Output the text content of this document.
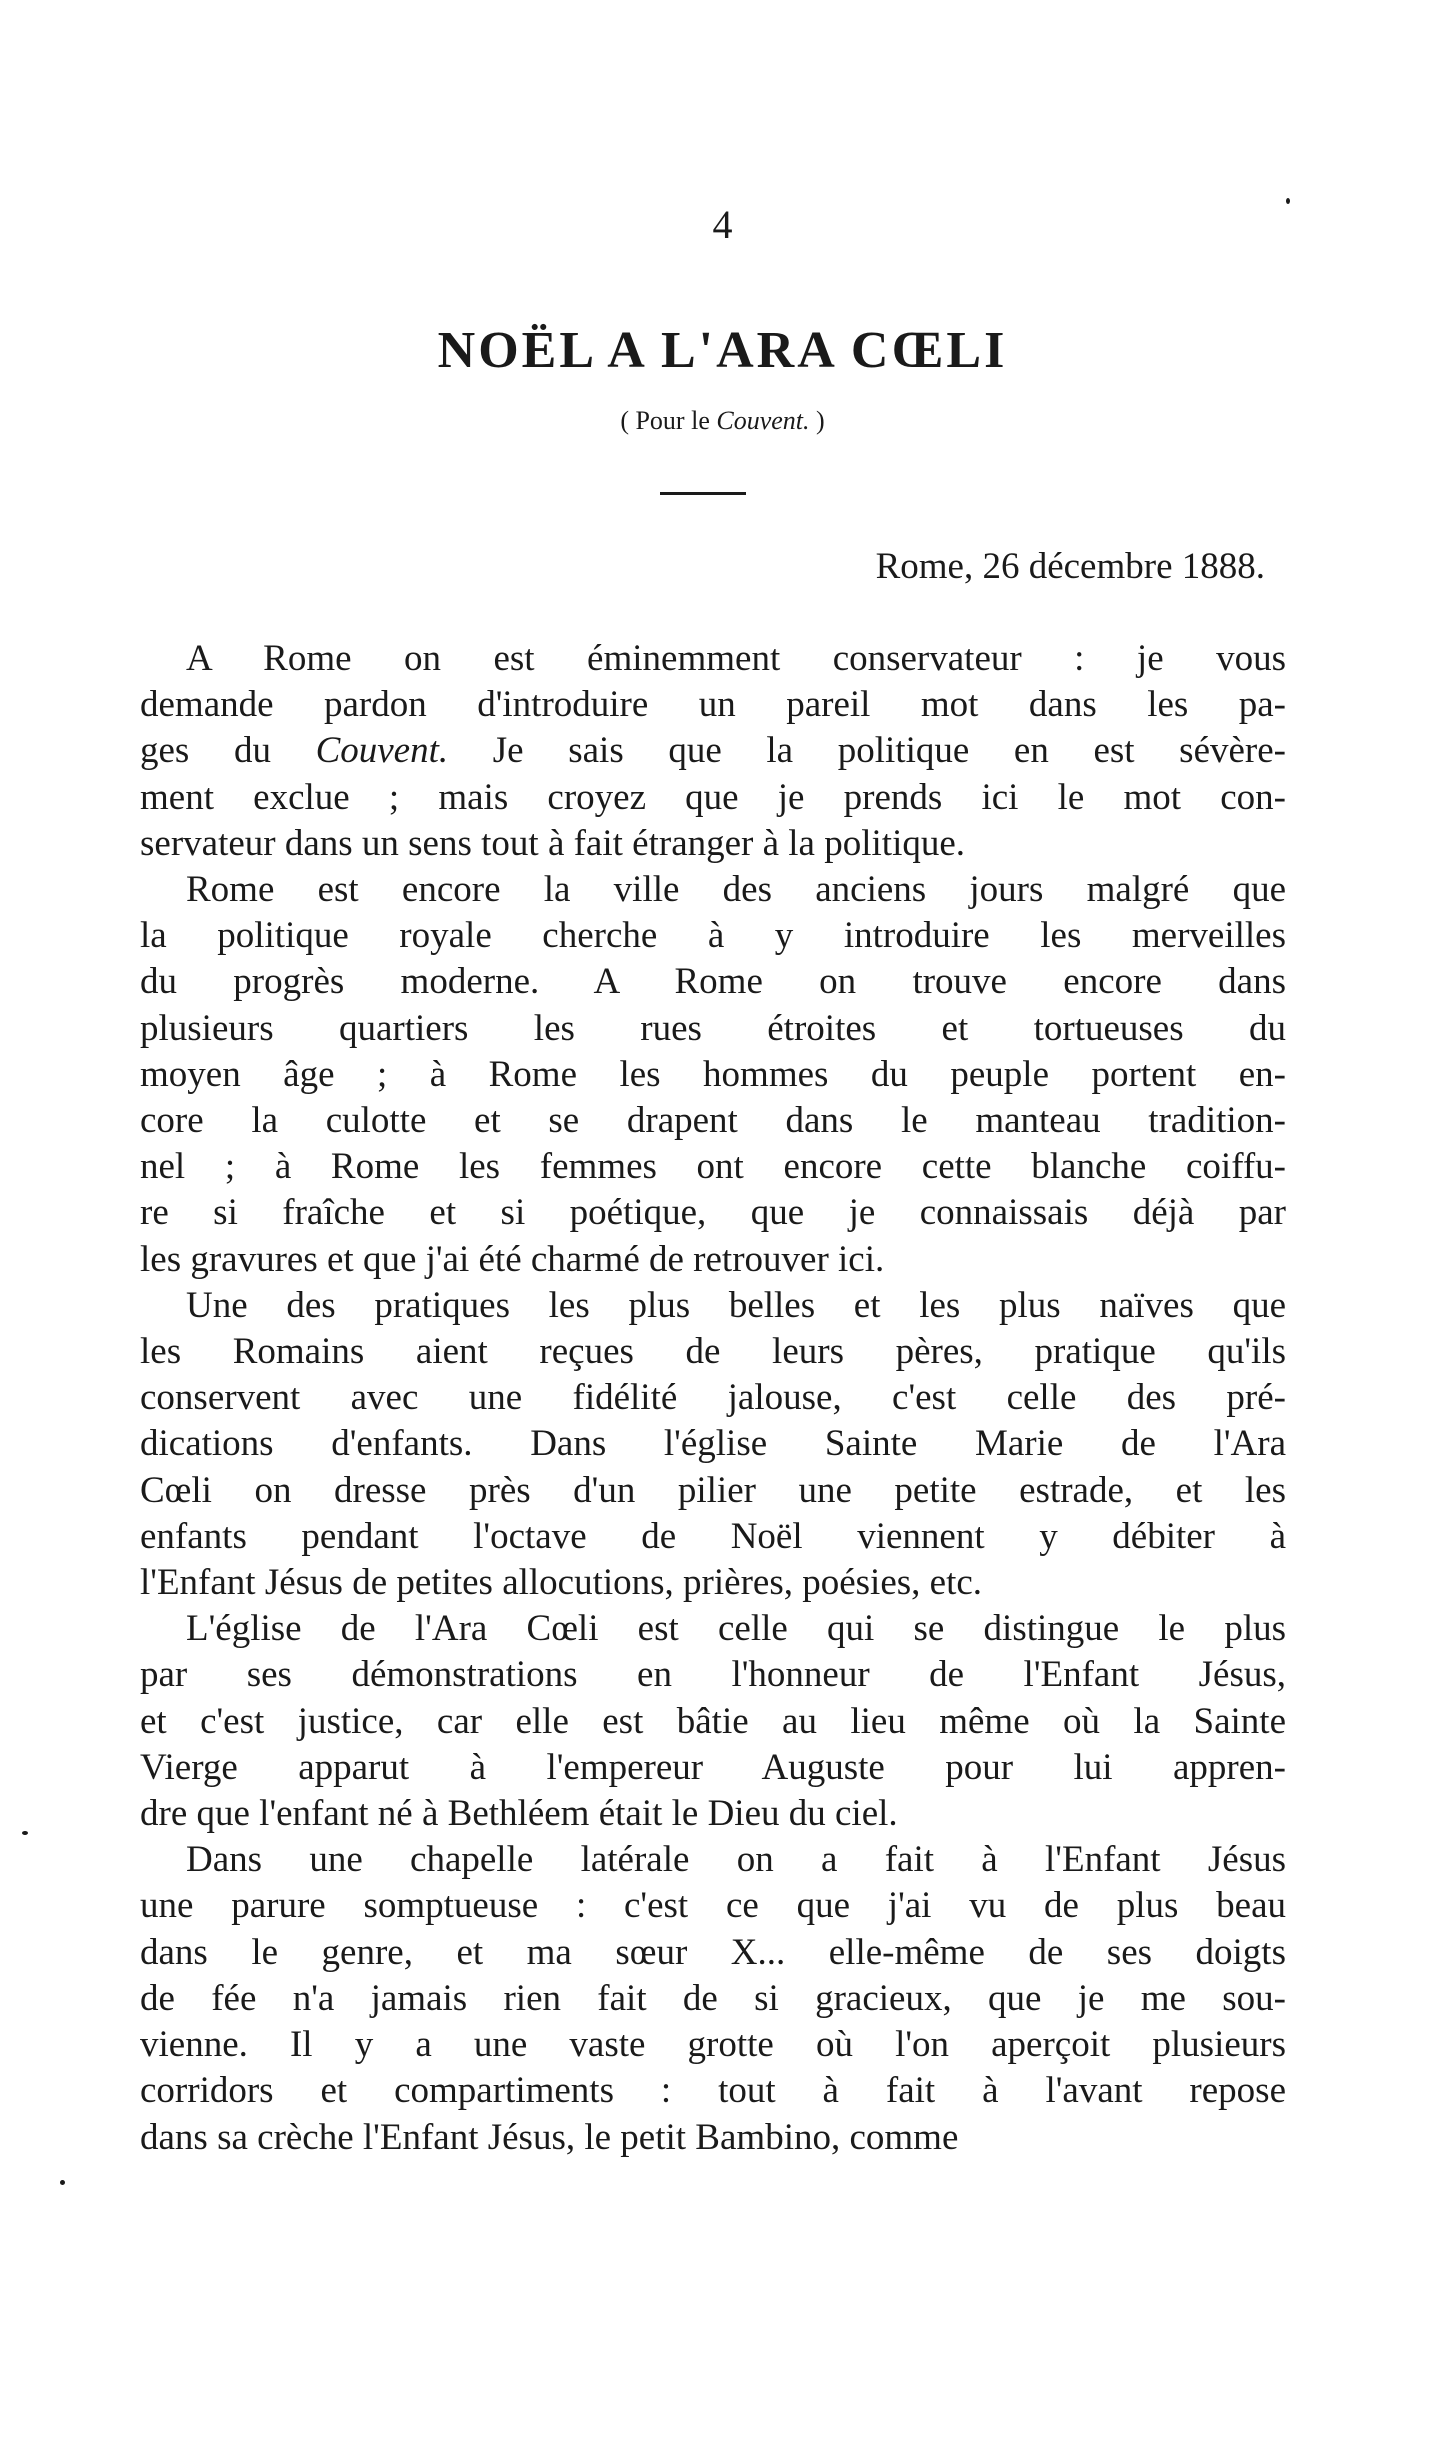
4
NOËL A L'ARA CŒLI
( Pour le Couvent. )
Rome, 26 décembre 1888.
A Rome on est éminemment conservateur : je vous
demande pardon d'introduire un pareil mot dans les pa-
ges du Couvent. Je sais que la politique en est sévère-
ment exclue ; mais croyez que je prends ici le mot con-
servateur dans un sens tout à fait étranger à la politique.
Rome est encore la ville des anciens jours malgré que
la politique royale cherche à y introduire les merveilles
du progrès moderne. A Rome on trouve encore dans
plusieurs quartiers les rues étroites et tortueuses du
moyen âge ; à Rome les hommes du peuple portent en-
core la culotte et se drapent dans le manteau tradition-
nel ; à Rome les femmes ont encore cette blanche coiffu-
re si fraîche et si poétique, que je connaissais déjà par
les gravures et que j'ai été charmé de retrouver ici.
Une des pratiques les plus belles et les plus naïves que
les Romains aient reçues de leurs pères, pratique qu'ils
conservent avec une fidélité jalouse, c'est celle des pré-
dications d'enfants. Dans l'église Sainte Marie de l'Ara
Cœli on dresse près d'un pilier une petite estrade, et les
enfants pendant l'octave de Noël viennent y débiter à
l'Enfant Jésus de petites allocutions, prières, poésies, etc.
L'église de l'Ara Cœli est celle qui se distingue le plus
par ses démonstrations en l'honneur de l'Enfant Jésus,
et c'est justice, car elle est bâtie au lieu même où la Sainte
Vierge apparut à l'empereur Auguste pour lui appren-
dre que l'enfant né à Bethléem était le Dieu du ciel.
Dans une chapelle latérale on a fait à l'Enfant Jésus
une parure somptueuse : c'est ce que j'ai vu de plus beau
dans le genre, et ma sœur X... elle-même de ses doigts
de fée n'a jamais rien fait de si gracieux, que je me sou-
vienne. Il y a une vaste grotte où l'on aperçoit plusieurs
corridors et compartiments : tout à fait à l'avant repose
dans sa crèche l'Enfant Jésus, le petit Bambino, comme
